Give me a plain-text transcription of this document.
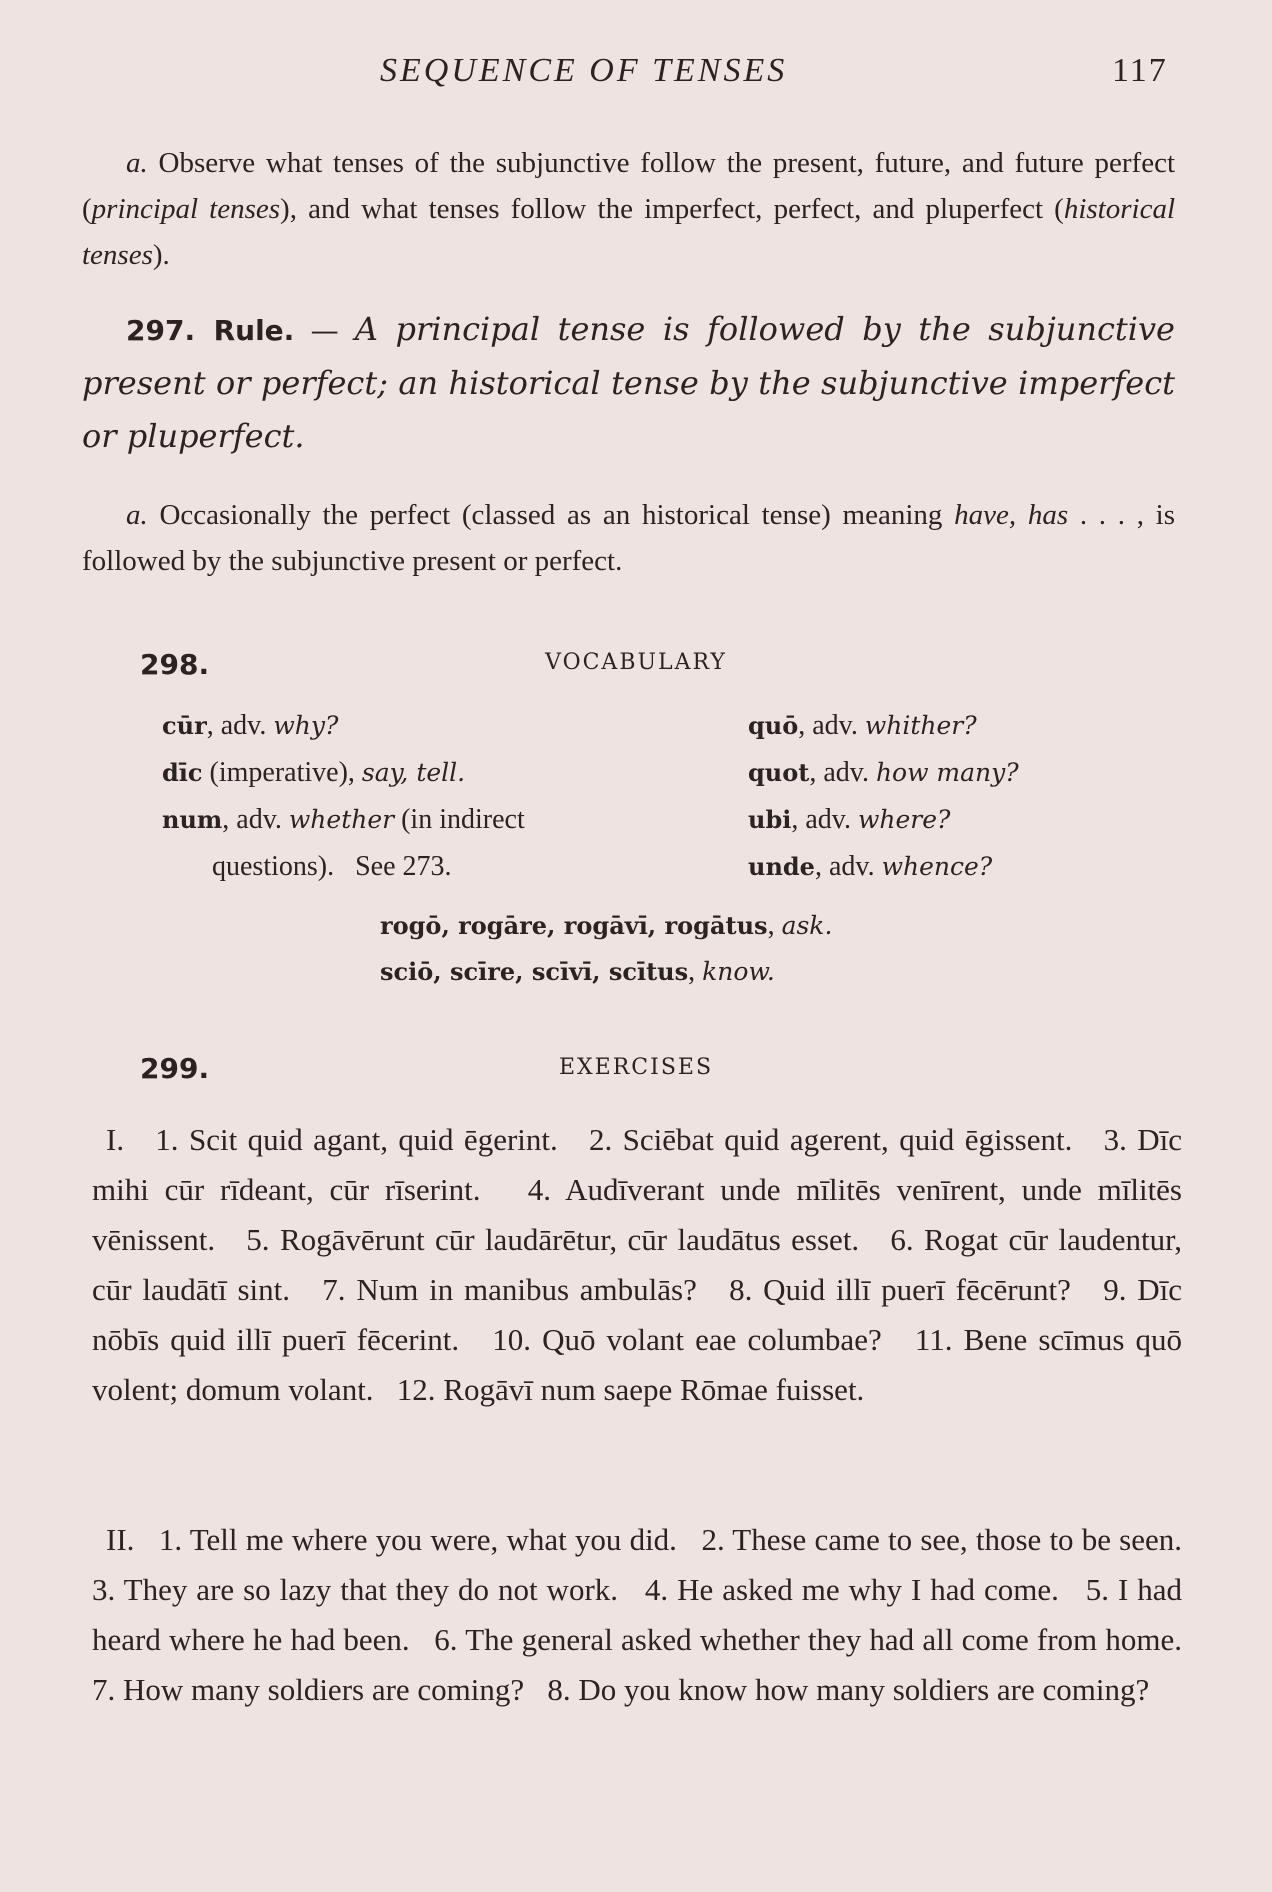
SEQUENCE OF TENSES	117

a. Observe what tenses of the subjunctive follow the present, future, and future perfect (principal tenses), and what tenses follow the imperfect, perfect, and pluperfect (historical tenses).

297. Rule. — A principal tense is followed by the subjunctive present or perfect; an historical tense by the subjunctive imperfect or pluperfect.

a. Occasionally the perfect (classed as an historical tense) meaning have, has . . . , is followed by the subjunctive present or perfect.

298.	VOCABULARY
cūr, adv. why?
dīc (imperative), say, tell.
num, adv. whether (in indirect
questions).   See 273.
quō, adv. whither?
quot, adv. how many?
ubi, adv. where?
unde, adv. whence?
rogō, rogāre, rogāvī, rogātus, ask.
sciō, scīre, scīvī, scītus, know.
299.	EXERCISES

I.   1. Scit quid agant, quid ēgerint.   2. Sciēbat quid agerent, quid ēgissent.   3. Dīc mihi cūr rīdeant, cūr rīserint.   4. Audīverant unde mīlitēs venīrent, unde mīlitēs vēnissent.   5. Rogāvērunt cūr laudārētur, cūr laudātus esset.   6. Rogat cūr laudentur, cūr laudātī sint.   7. Num in manibus ambulās?   8. Quid illī puerī fēcērunt?   9. Dīc nōbīs quid illī puerī fēcerint.   10. Quō volant eae columbae?   11. Bene scīmus quō volent; domum volant.   12. Rogāvī num saepe Rōmae fuisset.

II.   1. Tell me where you were, what you did.   2. These came to see, those to be seen.   3. They are so lazy that they do not work.   4. He asked me why I had come.   5. I had heard where he had been.   6. The general asked whether they had all come from home.   7. How many soldiers are coming?   8. Do you know how many soldiers are coming?
